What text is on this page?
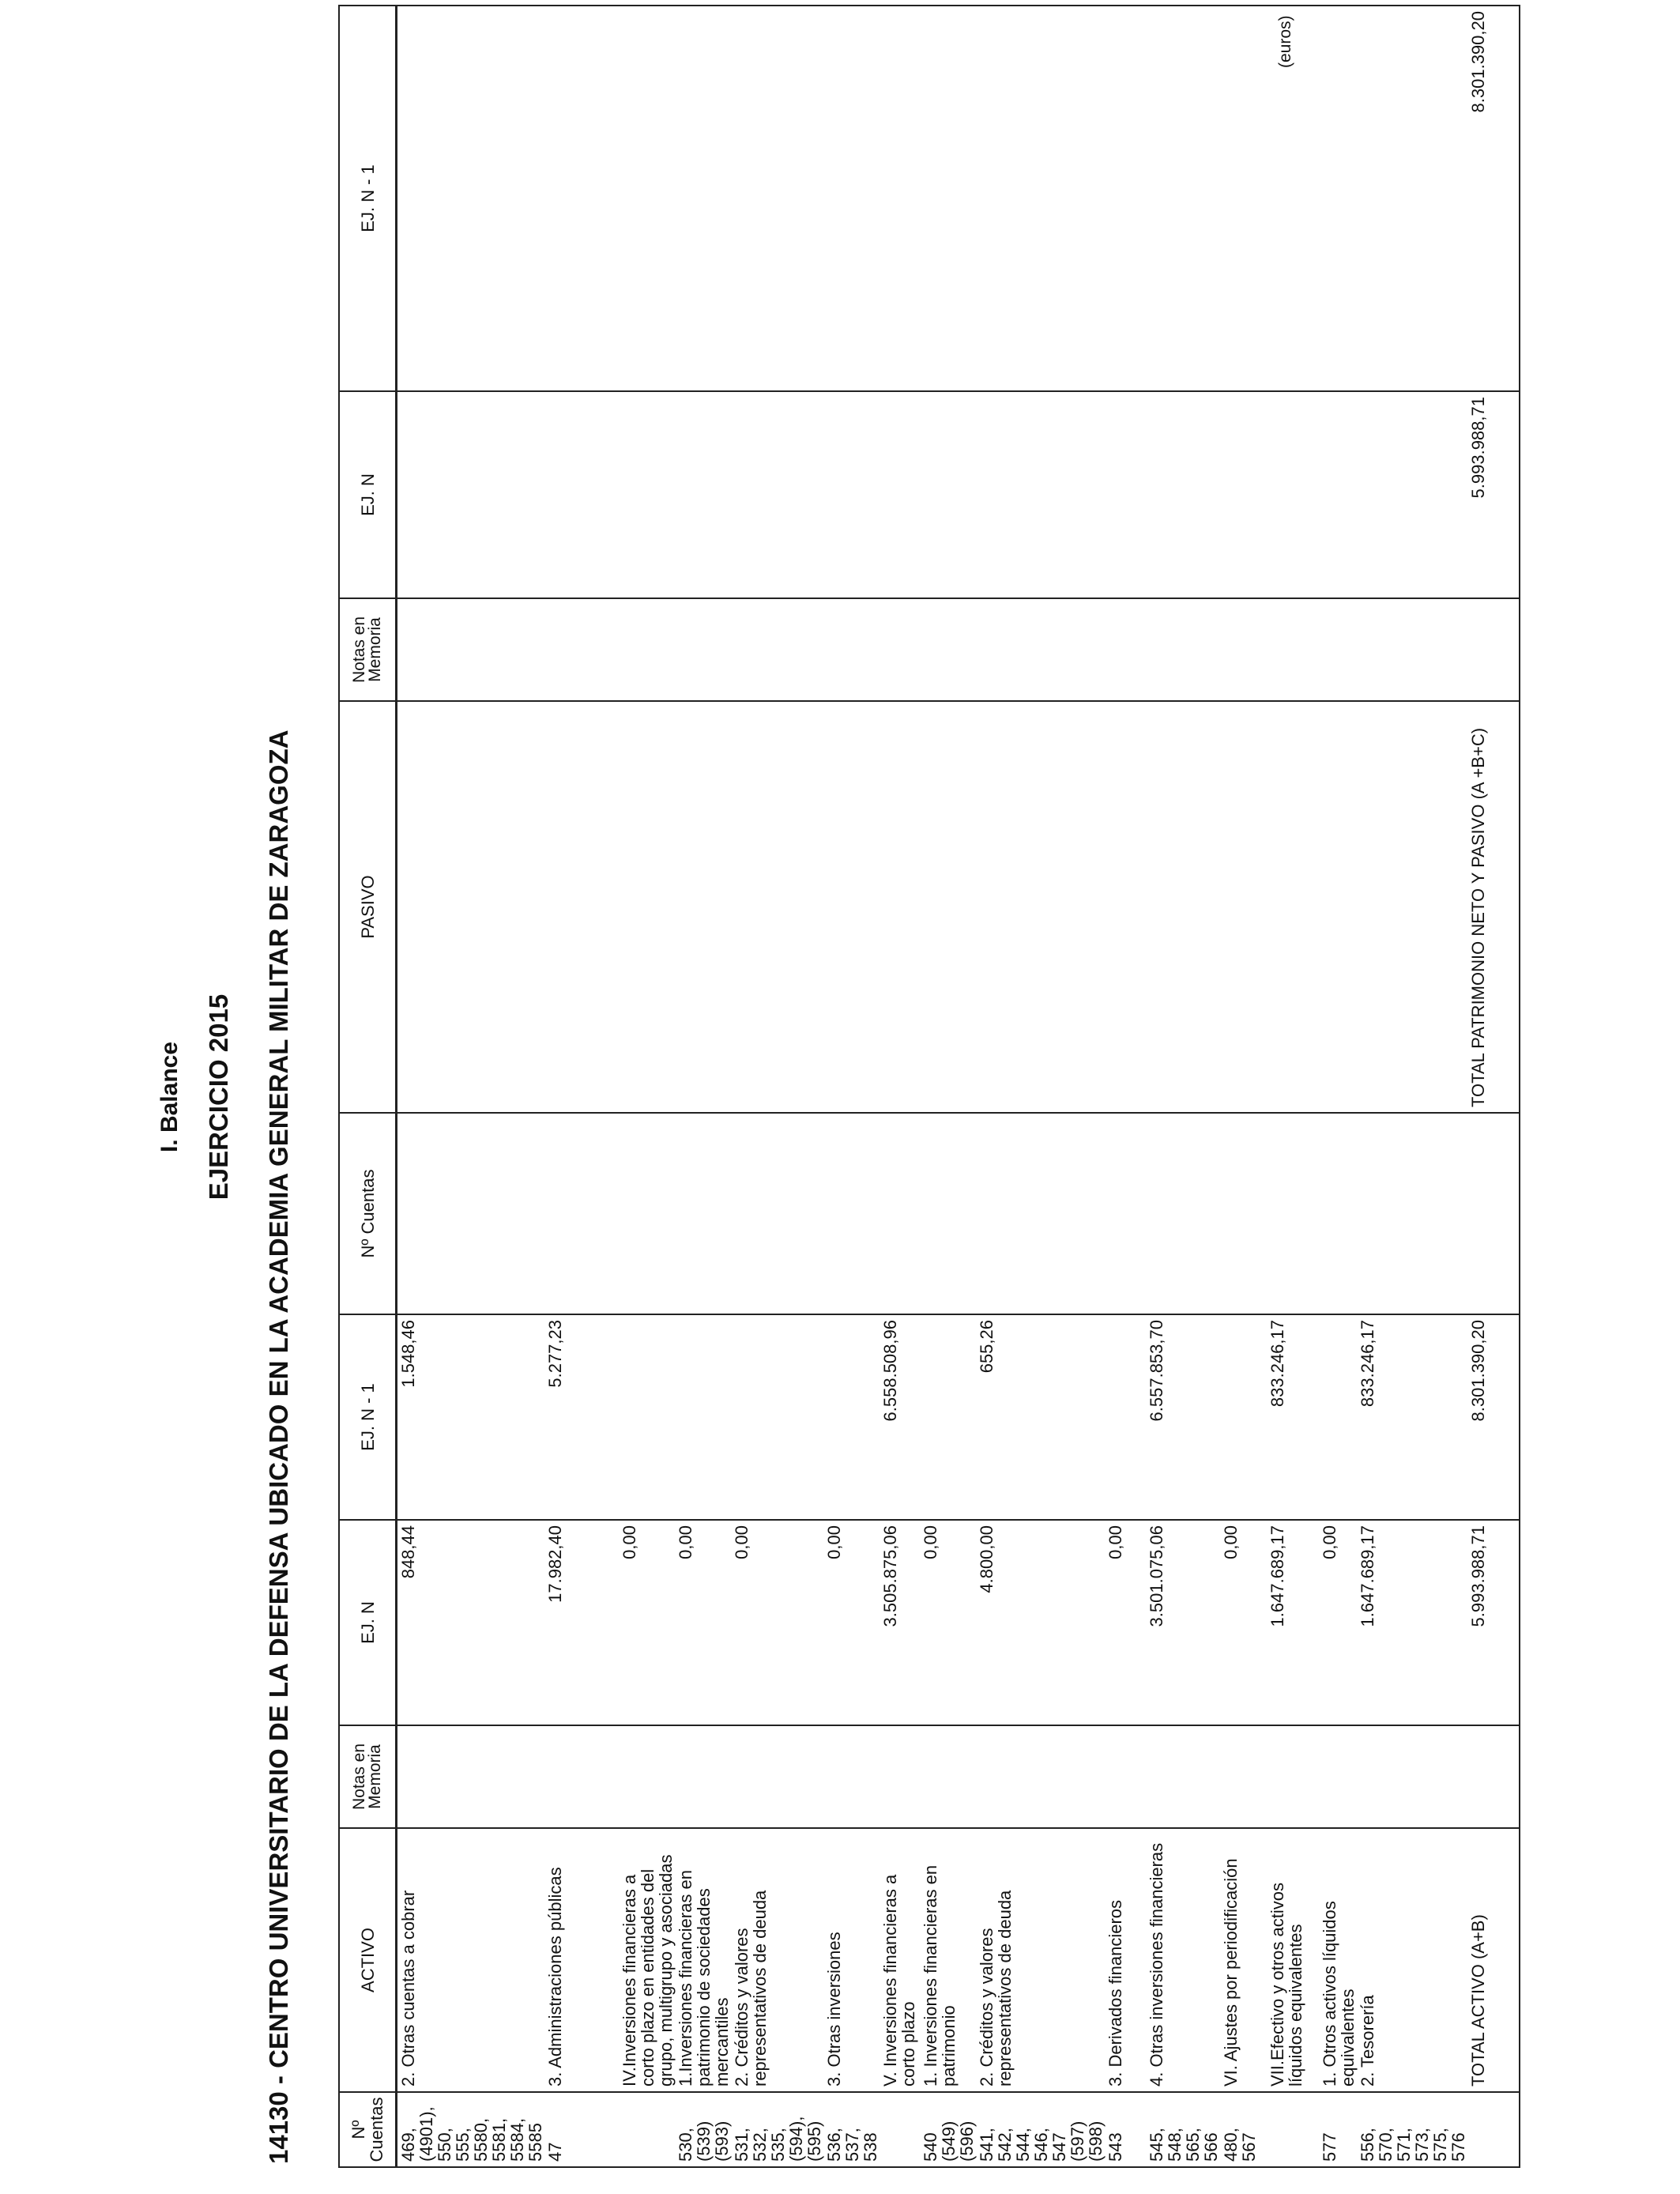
I. Balance EJERCICIO 2015 14130 - CENTRO UNIVERSITARIO DE LA DEFENSA UBICADO EN LA ACADEMIA GENERAL MILITAR DE ZARAGOZA
(euros)
Nº Cuentas	ACTIVO	Notas en Memoria	EJ. N	EJ. N - 1	Nº Cuentas	PASIVO	Notas en Memoria	EJ. N	EJ. N - 1
469, (4901), 550, 555, 5580, 5581, 5584, 5585	2. Otras cuentas a cobrar		848,44	1.548,46					
47	3. Administraciones públicas		17.982,40	5.277,23					
	IV.Inversiones financieras a corto plazo en entidades del grupo, multigrupo y asociadas		0,00						
530, (539) (593)	1.Inversiones financieras en patrimonio de sociedades mercantiles		0,00						
531, 532, 535, (594), (595)	2. Créditos y valores representativos de deuda		0,00						
536, 537, 538	3. Otras inversiones		0,00						
	V. Inversiones financieras a corto plazo		3.505.875,06	6.558.508,96					
540 (549) (596)	1. Inversiones financieras en patrimonio		0,00						
541, 542, 544, 546, 547 (597) (598)	2. Créditos y valores representativos de deuda		4.800,00	655,26					
543	3. Derivados financieros		0,00						
545, 548, 565, 566	4. Otras inversiones financieras		3.501.075,06	6.557.853,70					
480, 567	VI. Ajustes por periodificación		0,00						
	VII.Efectivo y otros activos líquidos equivalentes		1.647.689,17	833.246,17					
577	1. Otros activos líquidos equivalentes		0,00						
556, 570, 571, 573, 575, 576	2. Tesorería		1.647.689,17	833.246,17					
	TOTAL ACTIVO (A+B)		5.993.988,71	8.301.390,20		TOTAL PATRIMONIO NETO Y PASIVO (A +B+C)		5.993.988,71	8.301.390,20
